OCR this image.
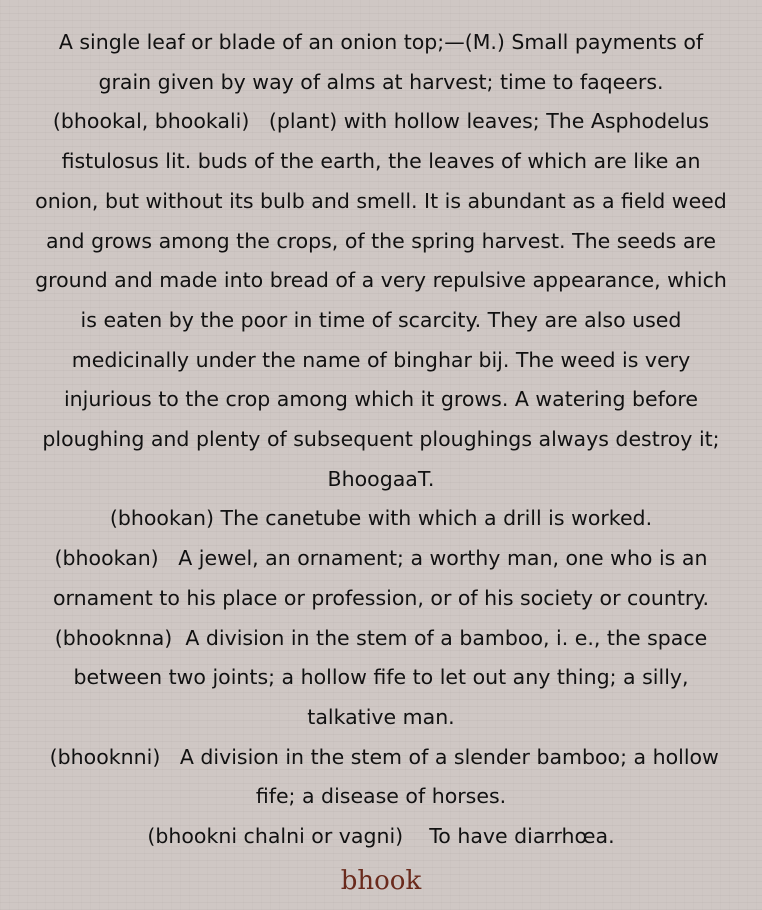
A single leaf or blade of an onion top;—(M.) Small payments of

grain given by way of alms at harvest; time to faqeers.

(bhookal, bhookali)   (plant) with hollow leaves; The Asphodelus

fistulosus lit. buds of the earth, the leaves of which are like an

onion, but without its bulb and smell. It is abundant as a field weed

and grows among the crops, of the spring harvest. The seeds are

ground and made into bread of a very repulsive appearance, which

is eaten by the poor in time of scarcity. They are also used

medicinally under the name of binghar bij. The weed is very

injurious to the crop among which it grows. A watering before

ploughing and plenty of subsequent ploughings always destroy it;

BhoogaaT.

(bhookan) The canetube with which a drill is worked.

(bhookan)   A jewel, an ornament; a worthy man, one who is an

ornament to his place or profession, or of his society or country.

(bhooknna)  A division in the stem of a bamboo, i. e., the space

between two joints; a hollow fife to let out any thing; a silly,

talkative man.

(bhooknni)   A division in the stem of a slender bamboo; a hollow

fife; a disease of horses.

(bhookni chalni or vagni)    To have diarrhœa.

bhook
